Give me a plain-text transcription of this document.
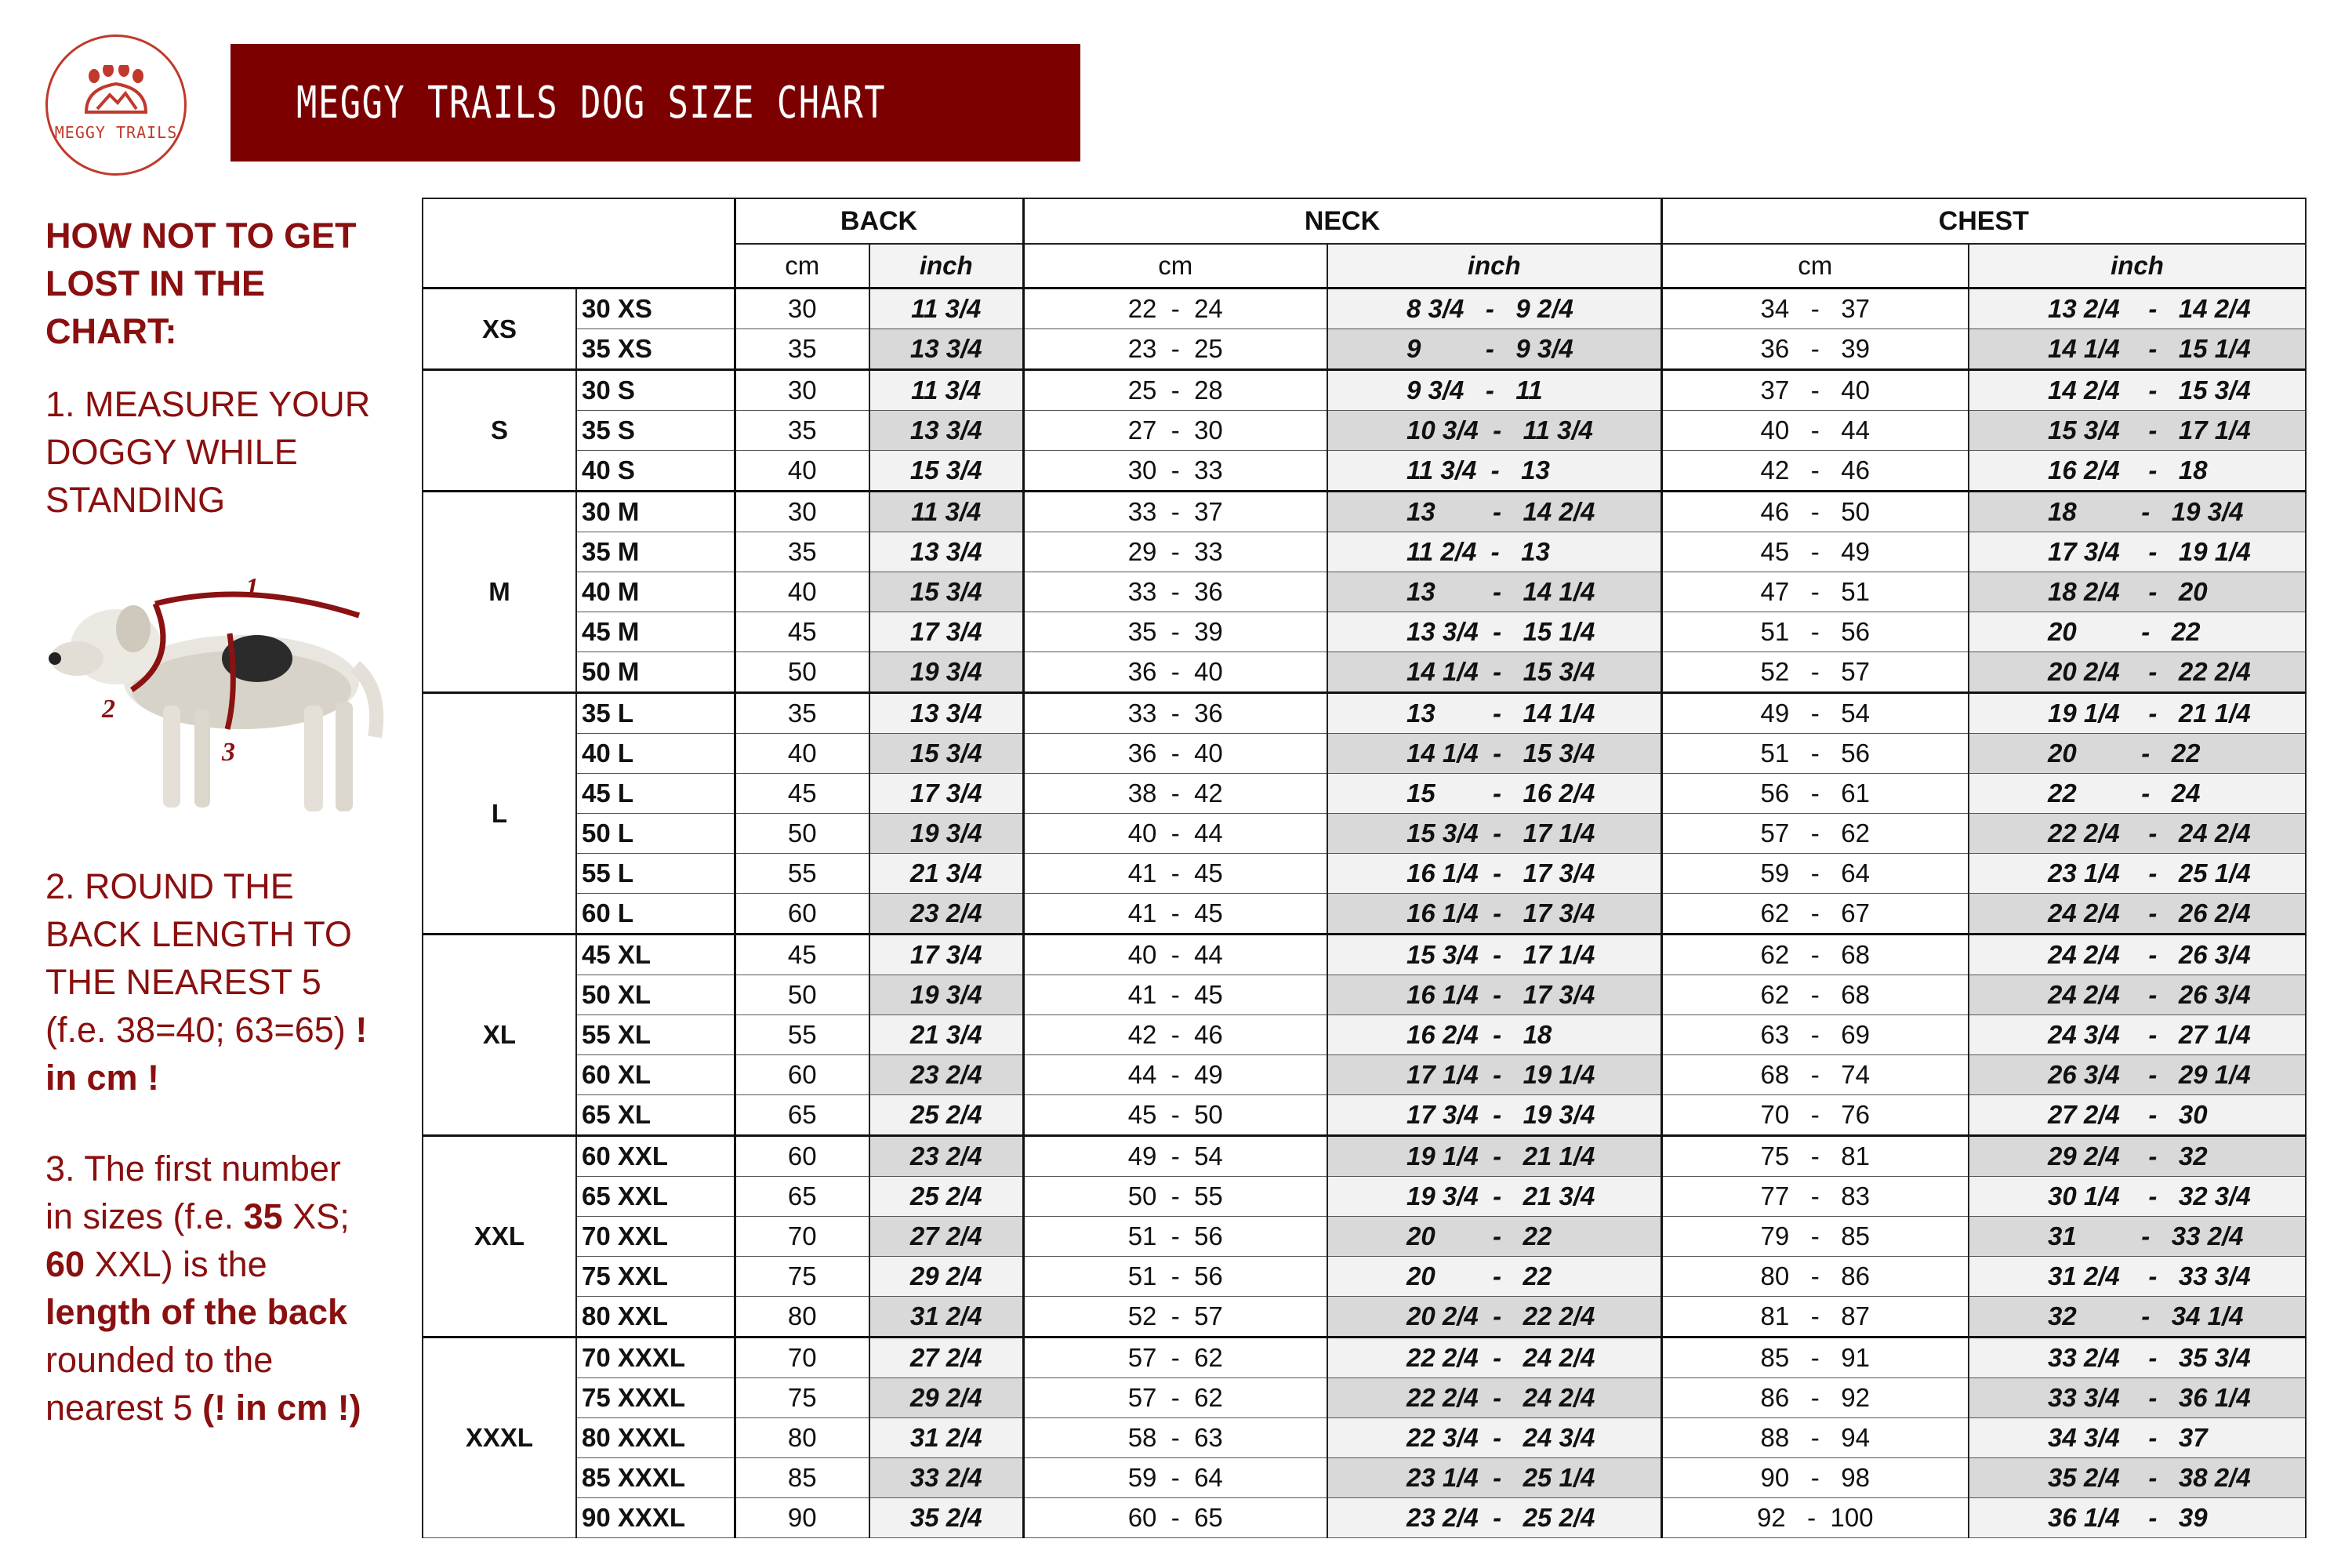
MEGGY TRAILS
MEGGY TRAILS DOG SIZE CHART

HOW NOT TO GET LOST IN THE CHART:

1. MEASURE YOUR DOGGY WHILE STANDING

1
2
3

2. ROUND THE BACK LENGTH TO THE NEAREST 5 (f.e. 38=40; 63=65) ! in cm !

3. The first number in sizes (f.e. 35 XS; 60 XXL) is the length of the back rounded to the nearest 5 (! in cm !)

		BACK		NECK		CHEST	
		cm	inch	cm	inch	cm	inch
XS	30 XS	30	11 3/4	22  -  24	8 3/4   -   9 2/4	34   -   37	13 2/4    -   14 2/4
	35 XS	35	13 3/4	23  -  25	9         -   9 3/4	36   -   39	14 1/4    -   15 1/4
S	30 S	30	11 3/4	25  -  28	9 3/4   -   11	37   -   40	14 2/4    -   15 3/4
	35 S	35	13 3/4	27  -  30	10 3/4  -   11 3/4	40   -   44	15 3/4    -   17 1/4
	40 S	40	15 3/4	30  -  33	11 3/4  -   13	42   -   46	16 2/4    -   18
M	30 M	30	11 3/4	33  -  37	13        -   14 2/4	46   -   50	18         -   19 3/4
	35 M	35	13 3/4	29  -  33	11 2/4  -   13	45   -   49	17 3/4    -   19 1/4
	40 M	40	15 3/4	33  -  36	13        -   14 1/4	47   -   51	18 2/4    -   20
	45 M	45	17 3/4	35  -  39	13 3/4  -   15 1/4	51   -   56	20         -   22
	50 M	50	19 3/4	36  -  40	14 1/4  -   15 3/4	52   -   57	20 2/4    -   22 2/4
L	35 L	35	13 3/4	33  -  36	13        -   14 1/4	49   -   54	19 1/4    -   21 1/4
	40 L	40	15 3/4	36  -  40	14 1/4  -   15 3/4	51   -   56	20         -   22
	45 L	45	17 3/4	38  -  42	15        -   16 2/4	56   -   61	22         -   24
	50 L	50	19 3/4	40  -  44	15 3/4  -   17 1/4	57   -   62	22 2/4    -   24 2/4
	55 L	55	21 3/4	41  -  45	16 1/4  -   17 3/4	59   -   64	23 1/4    -   25 1/4
	60 L	60	23 2/4	41  -  45	16 1/4  -   17 3/4	62   -   67	24 2/4    -   26 2/4
XL	45 XL	45	17 3/4	40  -  44	15 3/4  -   17 1/4	62   -   68	24 2/4    -   26 3/4
	50 XL	50	19 3/4	41  -  45	16 1/4  -   17 3/4	62   -   68	24 2/4    -   26 3/4
	55 XL	55	21 3/4	42  -  46	16 2/4  -   18	63   -   69	24 3/4    -   27 1/4
	60 XL	60	23 2/4	44  -  49	17 1/4  -   19 1/4	68   -   74	26 3/4    -   29 1/4
	65 XL	65	25 2/4	45  -  50	17 3/4  -   19 3/4	70   -   76	27 2/4    -   30
XXL	60 XXL	60	23 2/4	49  -  54	19 1/4  -   21 1/4	75   -   81	29 2/4    -   32
	65 XXL	65	25 2/4	50  -  55	19 3/4  -   21 3/4	77   -   83	30 1/4    -   32 3/4
	70 XXL	70	27 2/4	51  -  56	20        -   22	79   -   85	31         -   33 2/4
	75 XXL	75	29 2/4	51  -  56	20        -   22	80   -   86	31 2/4    -   33 3/4
	80 XXL	80	31 2/4	52  -  57	20 2/4  -   22 2/4	81   -   87	32         -   34 1/4
XXXL	70 XXXL	70	27 2/4	57  -  62	22 2/4  -   24 2/4	85   -   91	33 2/4    -   35 3/4
	75 XXXL	75	29 2/4	57  -  62	22 2/4  -   24 2/4	86   -   92	33 3/4    -   36 1/4
	80 XXXL	80	31 2/4	58  -  63	22 3/4  -   24 3/4	88   -   94	34 3/4    -   37
	85 XXXL	85	33 2/4	59  -  64	23 1/4  -   25 1/4	90   -   98	35 2/4    -   38 2/4
	90 XXXL	90	35 2/4	60  -  65	23 2/4  -   25 2/4	92   -  100	36 1/4    -   39
